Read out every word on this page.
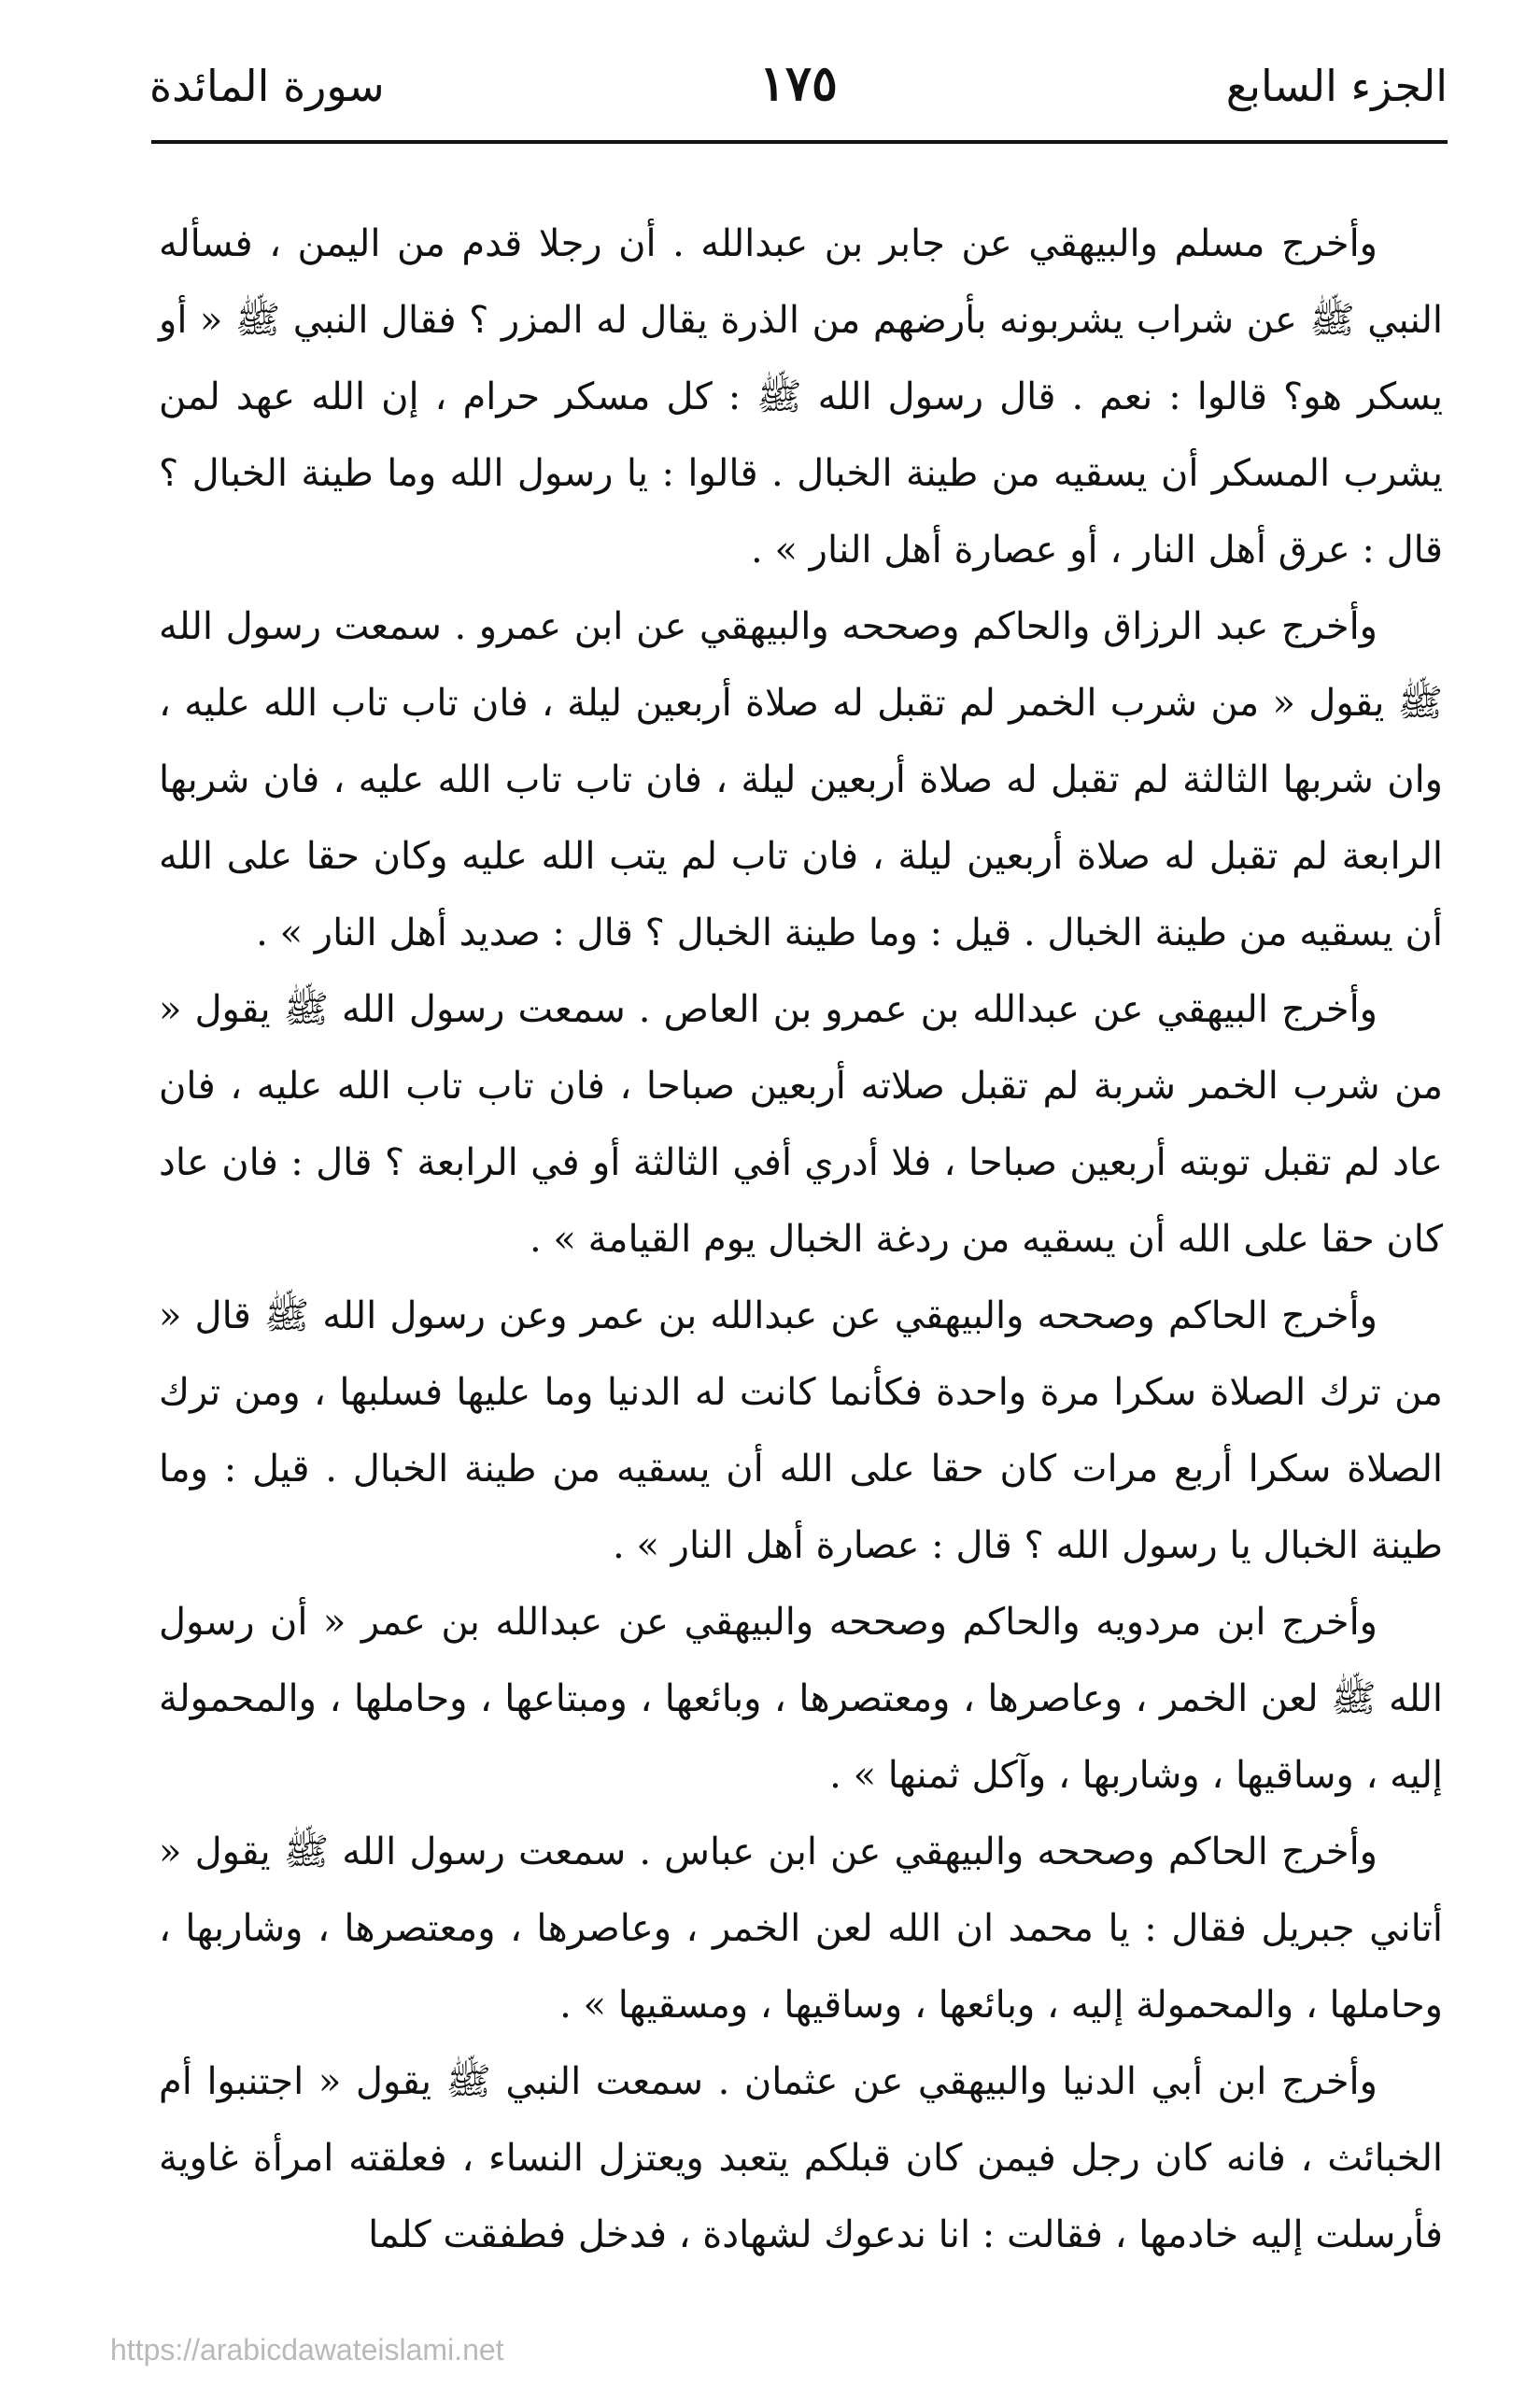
الجزء السابع
١٧٥
سورة المائدة

وأخرج مسلم والبيهقي عن جابر بن عبدالله . أن رجلا قدم من اليمن ، فسأله النبي ﷺ عن شراب يشربونه بأرضهم من الذرة يقال له المزر ؟ فقال النبي ﷺ « أو يسكر هو؟ قالوا : نعم . قال رسول الله ﷺ : كل مسكر حرام ، إن الله عهد لمن يشرب المسكر أن يسقيه من طينة الخبال . قالوا : يا رسول الله وما طينة الخبال ؟ قال : عرق أهل النار ، أو عصارة أهل النار » .

وأخرج عبد الرزاق والحاكم وصححه والبيهقي عن ابن عمرو . سمعت رسول الله ﷺ يقول « من شرب الخمر لم تقبل له صلاة أربعين ليلة ، فان تاب تاب الله عليه ، وان شربها الثالثة لم تقبل له صلاة أربعين ليلة ، فان تاب تاب الله عليه ، فان شربها الرابعة لم تقبل له صلاة أربعين ليلة ، فان تاب لم يتب الله عليه وكان حقا على الله أن يسقيه من طينة الخبال . قيل : وما طينة الخبال ؟ قال : صديد أهل النار » .

وأخرج البيهقي عن عبدالله بن عمرو بن العاص . سمعت رسول الله ﷺ يقول « من شرب الخمر شربة لم تقبل صلاته أربعين صباحا ، فان تاب تاب الله عليه ، فان عاد لم تقبل توبته أربعين صباحا ، فلا أدري أفي الثالثة أو في الرابعة ؟ قال : فان عاد كان حقا على الله أن يسقيه من ردغة الخبال يوم القيامة » .

وأخرج الحاكم وصححه والبيهقي عن عبدالله بن عمر وعن رسول الله ﷺ قال « من ترك الصلاة سكرا مرة واحدة فكأنما كانت له الدنيا وما عليها فسلبها ، ومن ترك الصلاة سكرا أربع مرات كان حقا على الله أن يسقيه من طينة الخبال . قيل : وما طينة الخبال يا رسول الله ؟ قال : عصارة أهل النار » .

وأخرج ابن مردويه والحاكم وصححه والبيهقي عن عبدالله بن عمر « أن رسول الله ﷺ لعن الخمر ، وعاصرها ، ومعتصرها ، وبائعها ، ومبتاعها ، وحاملها ، والمحمولة إليه ، وساقيها ، وشاربها ، وآكل ثمنها » .

وأخرج الحاكم وصححه والبيهقي عن ابن عباس . سمعت رسول الله ﷺ يقول « أتاني جبريل فقال : يا محمد ان الله لعن الخمر ، وعاصرها ، ومعتصرها ، وشاربها ، وحاملها ، والمحمولة إليه ، وبائعها ، وساقيها ، ومسقيها » .

وأخرج ابن أبي الدنيا والبيهقي عن عثمان . سمعت النبي ﷺ يقول « اجتنبوا أم الخبائث ، فانه كان رجل فيمن كان قبلكم يتعبد ويعتزل النساء ، فعلقته امرأة غاوية فأرسلت إليه خادمها ، فقالت : انا ندعوك لشهادة ، فدخل فطفقت كلما

https://arabicdawateislami.net
